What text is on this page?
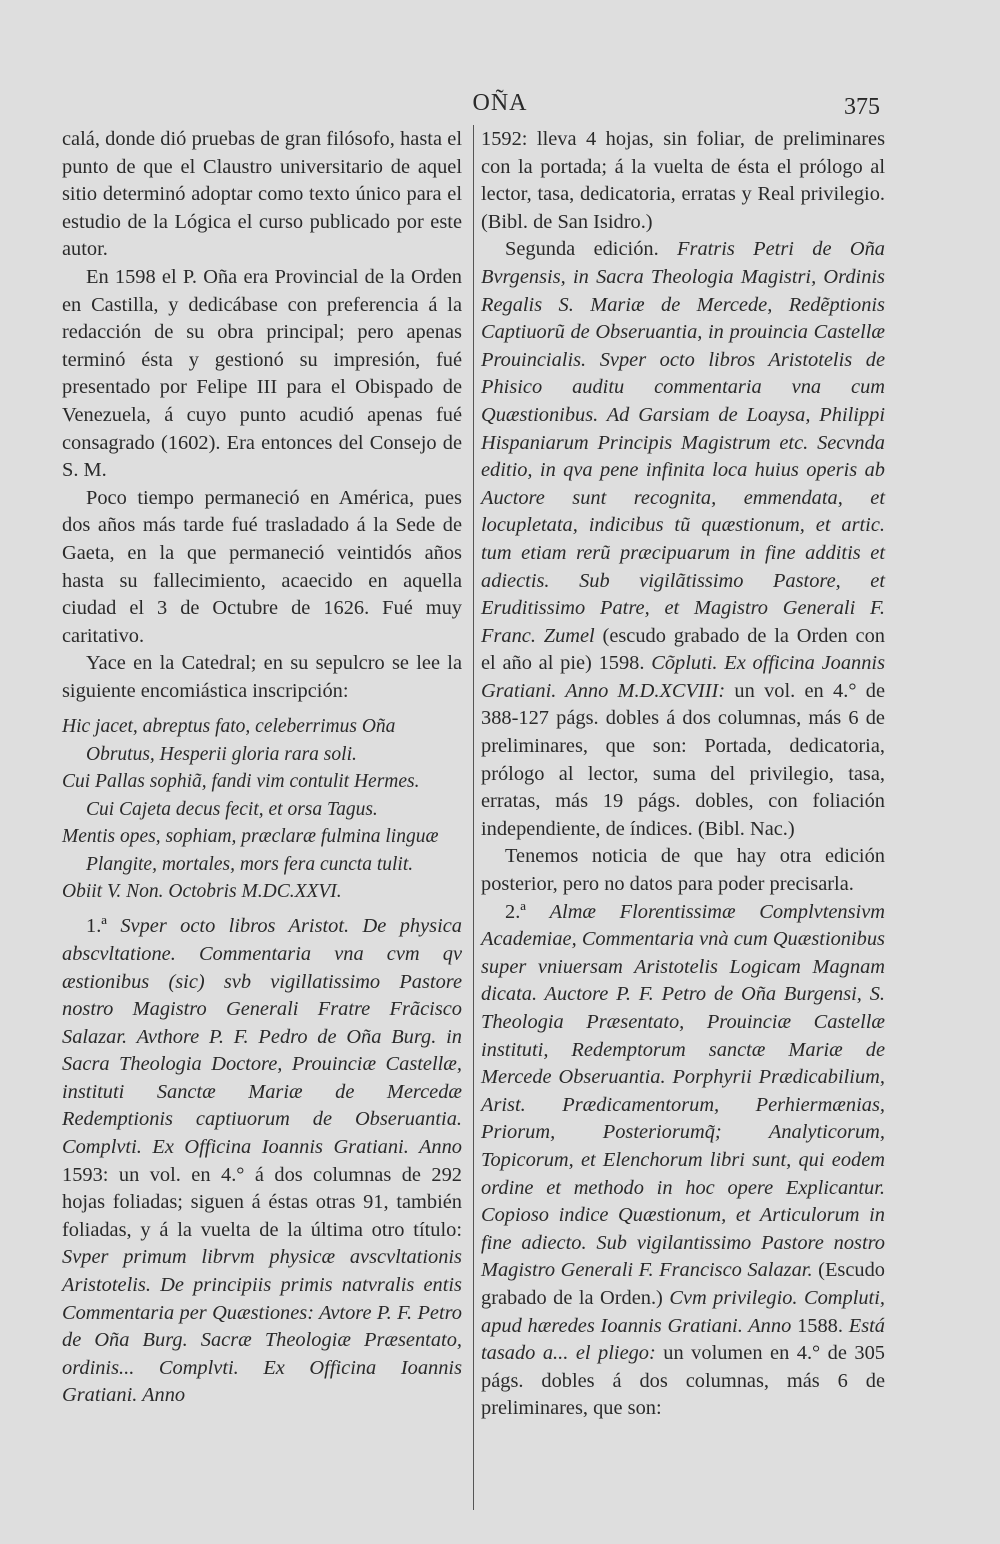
OÑA	375

calá, donde dió pruebas de gran filósofo, hasta el punto de que el Claustro universitario de aquel sitio determinó adoptar como texto único para el estudio de la Lógica el curso publicado por este autor.

En 1598 el P. Oña era Provincial de la Orden en Castilla, y dedicábase con preferencia á la redacción de su obra principal; pero apenas terminó ésta y gestionó su impresión, fué presentado por Felipe III para el Obispado de Venezuela, á cuyo punto acudió apenas fué consagrado (1602). Era entonces del Consejo de S. M.

Poco tiempo permaneció en América, pues dos años más tarde fué trasladado á la Sede de Gaeta, en la que permaneció veintidós años hasta su fallecimiento, acaecido en aquella ciudad el 3 de Octubre de 1626. Fué muy caritativo.

Yace en la Catedral; en su sepulcro se lee la siguiente encomiástica inscripción:

Hic jacet, abreptus fato, celeberrimus Oña
Obrutus, Hesperii gloria rara soli.
Cui Pallas sophiã, fandi vim contulit Hermes.
Cui Cajeta decus fecit, et orsa Tagus.
Mentis opes, sophiam, præclaræ fulmina linguæ
Plangite, mortales, mors fera cuncta tulit.
Obiit V. Non. Octobris M.DC.XXVI.

1.ª Svper octo libros Aristot. De physica abscvltatione. Commentaria vna cvm qv æstionibus (sic) svb vigillatissimo Pastore nostro Magistro Generali Fratre Frãcisco Salazar. Avthore P. F. Pedro de Oña Burg. in Sacra Theologia Doctore, Prouinciæ Castellæ, instituti Sanctæ Mariæ de Mercedæ Redemptionis captiuorum de Obseruantia. Complvti. Ex Officina Ioannis Gratiani. Anno 1593: un vol. en 4.° á dos columnas de 292 hojas foliadas; siguen á éstas otras 91, también foliadas, y á la vuelta de la última otro título: Svper primum librvm physicæ avscvltationis Aristotelis. De principiis primis natvralis entis Commentaria per Quæstiones: Avtore P. F. Petro de Oña Burg. Sacræ Theologiæ Præsentato, ordinis... Complvti. Ex Officina Ioannis Gratiani. Anno

1592: lleva 4 hojas, sin foliar, de preliminares con la portada; á la vuelta de ésta el prólogo al lector, tasa, dedicatoria, erratas y Real privilegio. (Bibl. de San Isidro.)

Segunda edición. Fratris Petri de Oña Bvrgensis, in Sacra Theologia Magistri, Ordinis Regalis S. Mariæ de Mercede, Redẽptionis Captiuorũ de Obseruantia, in prouincia Castellæ Prouincialis. Svper octo libros Aristotelis de Phisico auditu commentaria vna cum Quæstionibus. Ad Garsiam de Loaysa, Philippi Hispaniarum Principis Magistrum etc. Secvnda editio, in qva pene infinita loca huius operis ab Auctore sunt recognita, emmendata, et locupletata, indicibus tũ quæstionum, et artic. tum etiam rerũ præcipuarum in fine additis et adiectis. Sub vigilãtissimo Pastore, et Eruditissimo Patre, et Magistro Generali F. Franc. Zumel (escudo grabado de la Orden con el año al pie) 1598. Cõpluti. Ex officina Joannis Gratiani. Anno M.D.XCVIII: un vol. en 4.° de 388-127 págs. dobles á dos columnas, más 6 de preliminares, que son: Portada, dedicatoria, prólogo al lector, suma del privilegio, tasa, erratas, más 19 págs. dobles, con foliación independiente, de índices. (Bibl. Nac.)

Tenemos noticia de que hay otra edición posterior, pero no datos para poder precisarla.

2.ª Almæ Florentissimæ Complvtensivm Academiae, Commentaria vnà cum Quæstionibus super vniuersam Aristotelis Logicam Magnam dicata. Auctore P. F. Petro de Oña Burgensi, S. Theologia Præsentato, Prouinciæ Castellæ instituti, Redemptorum sanctæ Mariæ de Mercede Obseruantia. Porphyrii Prædicabilium, Arist. Prædicamentorum, Perhiermænias, Priorum, Posteriorumq̃; Analyticorum, Topicorum, et Elenchorum libri sunt, qui eodem ordine et methodo in hoc opere Explicantur. Copioso indice Quæstionum, et Articulorum in fine adiecto. Sub vigilantissimo Pastore nostro Magistro Generali F. Francisco Salazar. (Escudo grabado de la Orden.) Cvm privilegio. Compluti, apud hæredes Ioannis Gratiani. Anno 1588. Está tasado a... el pliego: un volumen en 4.° de 305 págs. dobles á dos columnas, más 6 de preliminares, que son:
